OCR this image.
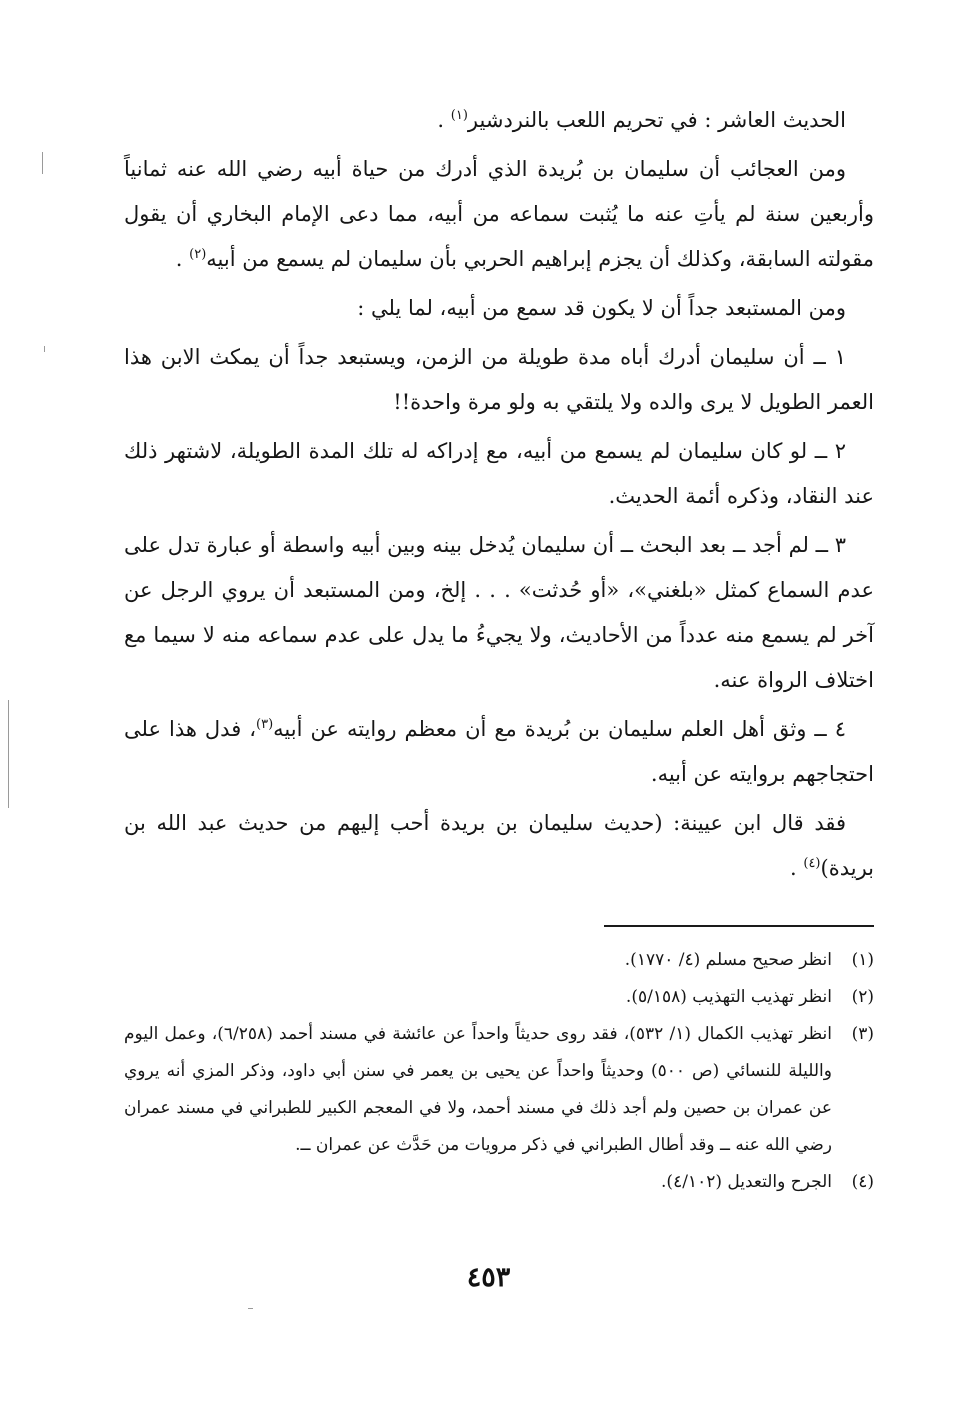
الحديث العاشر : في تحريم اللعب بالنردشير$^{(١)}$ .

ومن العجائب أن سليمان بن بُريدة الذي أدرك من حياة أبيه رضي الله عنه ثمانياً وأربعين سنة لم يأتِ عنه ما يُثبت سماعه من أبيه، مما دعى الإمام البخاري أن يقول مقولته السابقة، وكذلك أن يجزم إبراهيم الحربي بأن سليمان لم يسمع من أبيه$^{(٢)}$ .

ومن المستبعد جداً أن لا يكون قد سمع من أبيه، لما يلي :

١ ــ أن سليمان أدرك أباه مدة طويلة من الزمن، ويستبعد جداً أن يمكث الابن هذا العمر الطويل لا يرى والده ولا يلتقي به ولو مرة واحدة!!

٢ ــ لو كان سليمان لم يسمع من أبيه، مع إدراكه له تلك المدة الطويلة، لاشتهر ذلك عند النقاد، وذكره أئمة الحديث.

٣ ــ لم أجد ــ بعد البحث ــ أن سليمان يُدخل بينه وبين أبيه واسطة أو عبارة تدل على عدم السماع كمثل «بلغني»، «أو حُدثت» . . . إلخ، ومن المستبعد أن يروي الرجل عن آخر لم يسمع منه عدداً من الأحاديث، ولا يجيءُ ما يدل على عدم سماعه منه لا سيما مع اختلاف الرواة عنه.

٤ ــ وثق أهل العلم سليمان بن بُريدة مع أن معظم روايته عن أبيه$^{(٣)}$، فدل هذا على احتجاجهم بروايته عن أبيه.

فقد قال ابن عيينة: (حديث سليمان بن بريدة أحب إليهم من حديث عبد الله بن بريدة)$^{(٤)}$ .

(١)
انظر صحيح مسلم (٤/ ١٧٧٠).
(٢)
انظر تهذيب التهذيب (٥/١٥٨).
(٣)
انظر تهذيب الكمال (١/ ٥٣٢)، فقد روى حديثاً واحداً عن عائشة في مسند أحمد (٦/٢٥٨)، وعمل اليوم والليلة للنسائي (ص ٥٠٠) وحديثاً واحداً عن يحيى بن يعمر في سنن أبي داود، وذكر المزي أنه يروي عن عمران بن حصين ولم أجد ذلك في مسند أحمد، ولا في المعجم الكبير للطبراني في مسند عمران رضي الله عنه ــ وقد أطال الطبراني في ذكر مرويات من حَدَّث عن عمران ــ.
(٤)
الجرح والتعديل (٤/١٠٢).
٤٥٣
